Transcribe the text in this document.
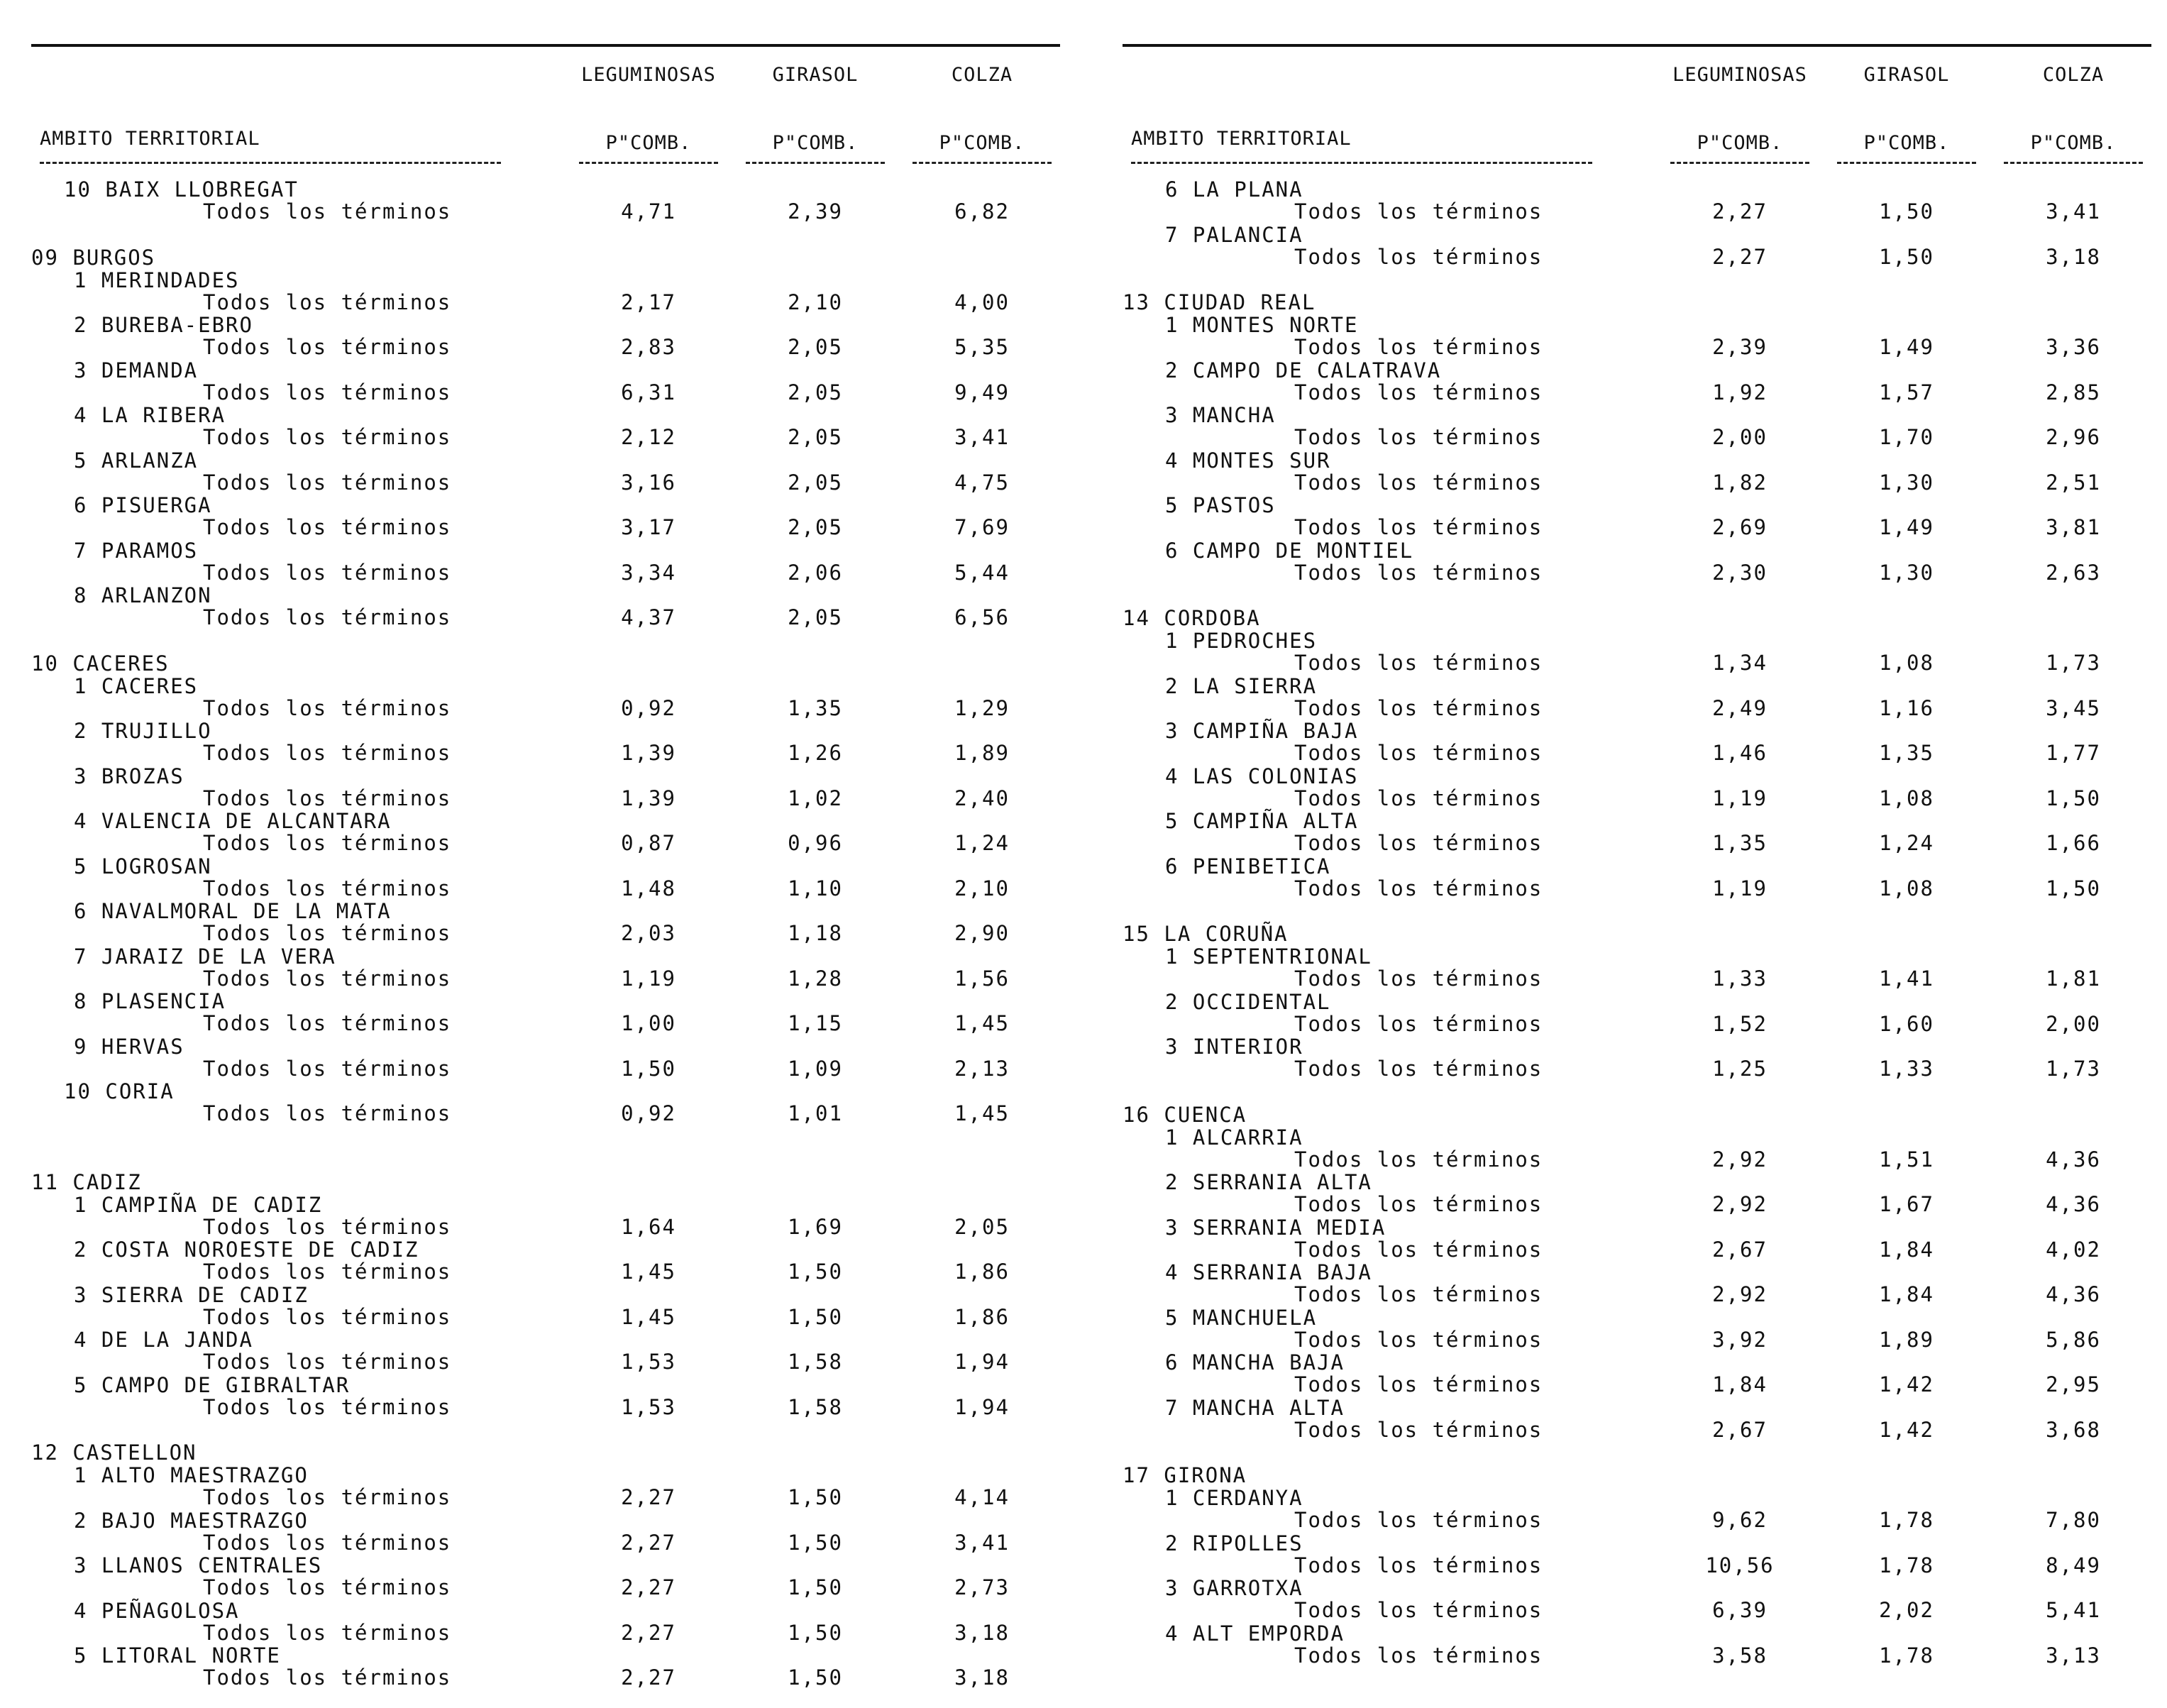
LEGUMINOSAS	GIRASOL	COLZA
AMBITO TERRITORIAL	P"COMB.	P"COMB.	P"COMB.
10 BAIX LLOBREGAT
Todos los términos	4,71	2,39	6,82
09 BURGOS
1 MERINDADES
Todos los términos	2,17	2,10	4,00
2 BUREBA-EBRO
Todos los términos	2,83	2,05	5,35
3 DEMANDA
Todos los términos	6,31	2,05	9,49
4 LA RIBERA
Todos los términos	2,12	2,05	3,41
5 ARLANZA
Todos los términos	3,16	2,05	4,75
6 PISUERGA
Todos los términos	3,17	2,05	7,69
7 PARAMOS
Todos los términos	3,34	2,06	5,44
8 ARLANZON
Todos los términos	4,37	2,05	6,56
10 CACERES
1 CACERES
Todos los términos	0,92	1,35	1,29
2 TRUJILLO
Todos los términos	1,39	1,26	1,89
3 BROZAS
Todos los términos	1,39	1,02	2,40
4 VALENCIA DE ALCANTARA
Todos los términos	0,87	0,96	1,24
5 LOGROSAN
Todos los términos	1,48	1,10	2,10
6 NAVALMORAL DE LA MATA
Todos los términos	2,03	1,18	2,90
7 JARAIZ DE LA VERA
Todos los términos	1,19	1,28	1,56
8 PLASENCIA
Todos los términos	1,00	1,15	1,45
9 HERVAS
Todos los términos	1,50	1,09	2,13
10 CORIA
Todos los términos	0,92	1,01	1,45
11 CADIZ
1 CAMPIÑA DE CADIZ
Todos los términos	1,64	1,69	2,05
2 COSTA NOROESTE DE CADIZ
Todos los términos	1,45	1,50	1,86
3 SIERRA DE CADIZ
Todos los términos	1,45	1,50	1,86
4 DE LA JANDA
Todos los términos	1,53	1,58	1,94
5 CAMPO DE GIBRALTAR
Todos los términos	1,53	1,58	1,94
12 CASTELLON
1 ALTO MAESTRAZGO
Todos los términos	2,27	1,50	4,14
2 BAJO MAESTRAZGO
Todos los términos	2,27	1,50	3,41
3 LLANOS CENTRALES
Todos los términos	2,27	1,50	2,73
4 PEÑAGOLOSA
Todos los términos	2,27	1,50	3,18
5 LITORAL NORTE
Todos los términos	2,27	1,50	3,18
LEGUMINOSAS	GIRASOL	COLZA
AMBITO TERRITORIAL	P"COMB.	P"COMB.	P"COMB.
6 LA PLANA
Todos los términos	2,27	1,50	3,41
7 PALANCIA
Todos los términos	2,27	1,50	3,18
13 CIUDAD REAL
1 MONTES NORTE
Todos los términos	2,39	1,49	3,36
2 CAMPO DE CALATRAVA
Todos los términos	1,92	1,57	2,85
3 MANCHA
Todos los términos	2,00	1,70	2,96
4 MONTES SUR
Todos los términos	1,82	1,30	2,51
5 PASTOS
Todos los términos	2,69	1,49	3,81
6 CAMPO DE MONTIEL
Todos los términos	2,30	1,30	2,63
14 CORDOBA
1 PEDROCHES
Todos los términos	1,34	1,08	1,73
2 LA SIERRA
Todos los términos	2,49	1,16	3,45
3 CAMPIÑA BAJA
Todos los términos	1,46	1,35	1,77
4 LAS COLONIAS
Todos los términos	1,19	1,08	1,50
5 CAMPIÑA ALTA
Todos los términos	1,35	1,24	1,66
6 PENIBETICA
Todos los términos	1,19	1,08	1,50
15 LA CORUÑA
1 SEPTENTRIONAL
Todos los términos	1,33	1,41	1,81
2 OCCIDENTAL
Todos los términos	1,52	1,60	2,00
3 INTERIOR
Todos los términos	1,25	1,33	1,73
16 CUENCA
1 ALCARRIA
Todos los términos	2,92	1,51	4,36
2 SERRANIA ALTA
Todos los términos	2,92	1,67	4,36
3 SERRANIA MEDIA
Todos los términos	2,67	1,84	4,02
4 SERRANIA BAJA
Todos los términos	2,92	1,84	4,36
5 MANCHUELA
Todos los términos	3,92	1,89	5,86
6 MANCHA BAJA
Todos los términos	1,84	1,42	2,95
7 MANCHA ALTA
Todos los términos	2,67	1,42	3,68
17 GIRONA
1 CERDANYA
Todos los términos	9,62	1,78	7,80
2 RIPOLLES
Todos los términos	10,56	1,78	8,49
3 GARROTXA
Todos los términos	6,39	2,02	5,41
4 ALT EMPORDA
Todos los términos	3,58	1,78	3,13
